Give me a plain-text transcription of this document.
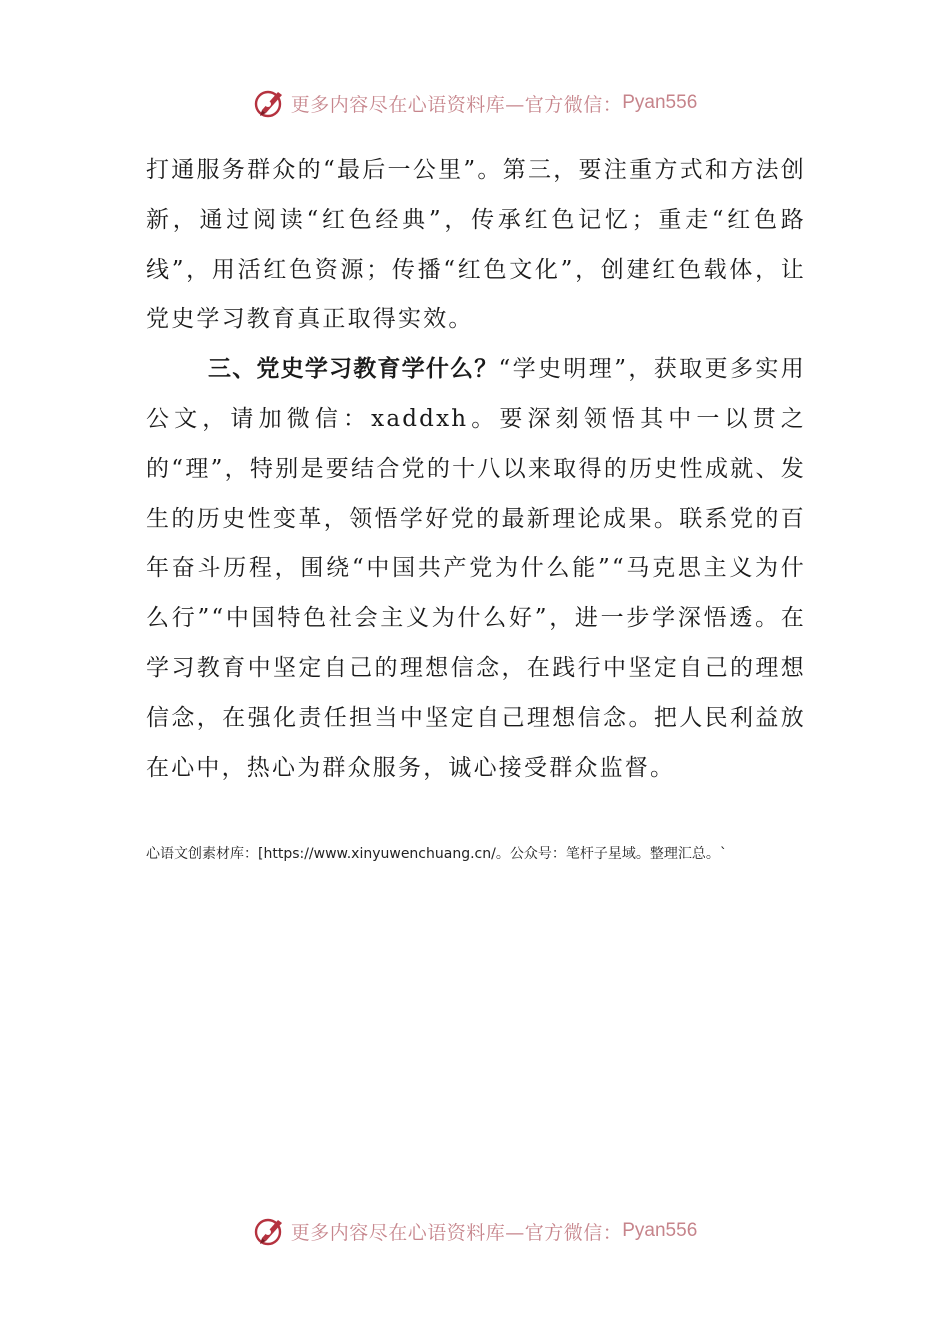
更多内容尽在心语资料库—官方微信： Pyan556

打通服务群众的“最后一公里”。第三，要注重方式和方法创新，通过阅读“红色经典”，传承红色记忆；重走“红色路线”，用活红色资源；传播“红色文化”，创建红色载体，让党史学习教育真正取得实效。

三、党史学习教育学什么？“学史明理”，获取更多实用公文，请加微信：xaddxh。要深刻领悟其中一以贯之的“理”，特别是要结合党的十八以来取得的历史性成就、发生的历史性变革，领悟学好党的最新理论成果。联系党的百年奋斗历程，围绕“中国共产党为什么能”“马克思主义为什么行”“中国特色社会主义为什么好”，进一步学深悟透。在学习教育中坚定自己的理想信念，在践行中坚定自己的理想信念，在强化责任担当中坚定自己理想信念。把人民利益放在心中，热心为群众服务，诚心接受群众监督。

心语文创素材库：[https://www.xinyuwenchuang.cn/。公众号：笔杆子星域。整理汇总。`
更多内容尽在心语资料库—官方微信： Pyan556
